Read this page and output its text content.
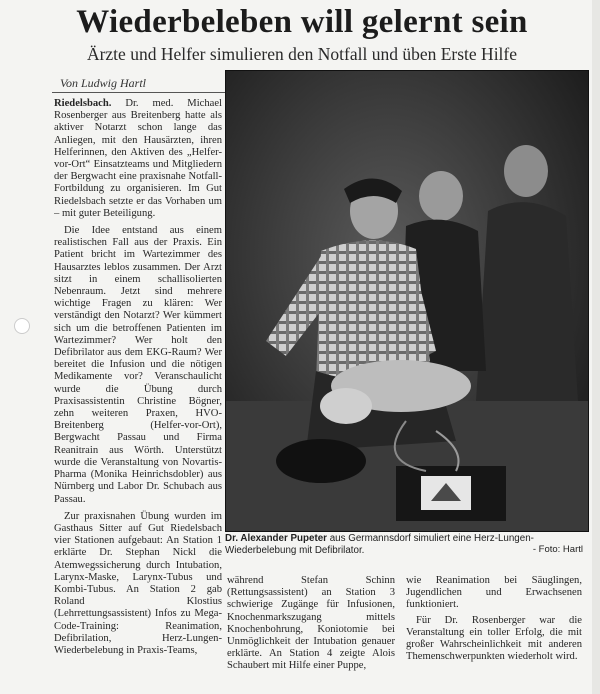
Wiederbeleben will gelernt sein
Ärzte und Helfer simulieren den Notfall und üben Erste Hilfe
Von Ludwig Hartl

Riedelsbach. Dr. med. Michael Rosenberger aus Breitenberg hatte als aktiver Notarzt schon lange das Anliegen, mit den Hausärzten, ihren Helferinnen, den Aktiven des „Helfer-vor-Ort“ Einsatzteams und Mitgliedern der Bergwacht eine praxisnahe Notfall-Fortbildung zu organisieren. Im Gut Riedelsbach setzte er das Vorhaben um – mit guter Beteiligung.

Die Idee entstand aus einem realistischen Fall aus der Praxis. Ein Patient bricht im Wartezimmer des Hausarztes leblos zusammen. Der Arzt sitzt in einem schallisolierten Nebenraum. Jetzt sind mehrere wichtige Fragen zu klären: Wer verständigt den Notarzt? Wer kümmert sich um die betroffenen Patienten im Wartezimmer? Wer holt den Defibrilator aus dem EKG-Raum? Wer bereitet die Infusion und die nötigen Medikamente vor? Veranschaulicht wurde die Übung durch Praxisassistentin Christine Bögner, zehn weiteren Praxen, HVO-Breitenberg (Helfer-vor-Ort), Bergwacht Passau und Firma Reanitrain aus Wörth. Unterstützt wurde die Veranstaltung von Novartis-Pharma (Monika Heinrichsdobler) aus Nürnberg und Labor Dr. Schubach aus Passau.

Zur praxisnahen Übung wurden im Gasthaus Sitter auf Gut Riedelsbach vier Stationen aufgebaut: An Station 1 erklärte Dr. Stephan Nickl die Atemwegssicherung durch Intubation, Larynx-Maske, Larynx-Tubus und Kombi-Tubus. An Station 2 gab Roland Klostius (Lehrrettungsassistent) Infos zu Mega-Code-Training: Reanimation, Defibrilation, Herz-Lungen-Wiederbelebung in Praxis-Teams,

Dr. Alexander Pupeter aus Germannsdorf simuliert eine Herz-Lungen-Wiederbelebung mit Defibrilator.	- Foto: Hartl

während Stefan Schinn (Rettungsassistent) an Station 3 schwierige Zugänge für Infusionen, Knochenmarkszugang mittels Knochenbohrung, Koniotomie bei Unmöglichkeit der Intubation genauer erklärte. An Station 4 zeigte Alois Schaubert mit Hilfe einer Puppe,

wie Reanimation bei Säuglingen, Jugendlichen und Erwachsenen funktioniert.

Für Dr. Rosenberger war die Veranstaltung ein toller Erfolg, die mit großer Wahrscheinlichkeit mit anderen Themenschwerpunkten wiederholt wird.
